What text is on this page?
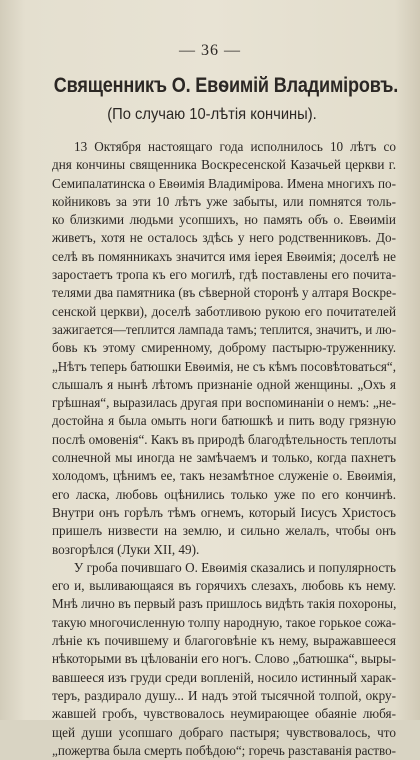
— 36 —
Священникъ О. Евѳимій Владиміровъ.
(По случаю 10-лѣтія кончины).
13 Октября настоящаго года исполнилось 10 лѣтъ со
дня кончины священника Воскресенской Казачьей церкви г.
Семипалатинска о Евѳимія Владимірова. Имена многихъ по-
койниковъ за эти 10 лѣтъ уже забыты, или помнятся толь-
ко близкими людьми усопшихъ, но память объ о. Евѳиміи
живетъ, хотя не осталось здѣсь у него родственниковъ. До-
селѣ въ помянникахъ значится имя iерея Евѳимія; доселѣ не
заростаетъ тропа къ его могилѣ, гдѣ поставлены его почита-
телями два памятника (въ сѣверной сторонѣ у алтаря Воскре-
сенской церкви), доселѣ заботливою рукою его почитателей
зажигается—теплится лампада тамъ; теплится, значитъ, и лю-
бовь къ этому смиренному, доброму пастырю-труженнику.
„Нѣтъ теперь батюшки Евѳимія, не съ кѣмъ посовѣтоваться“,
слышалъ я нынѣ лѣтомъ признаніе одной женщины. „Охъ я
грѣшная“, выразилась другая при воспоминаніи о немъ: „не-
достойна я была омыть ноги батюшкѣ и пить воду грязную
послѣ омовенія“. Какъ въ природѣ благодѣтельность теплоты
солнечной мы иногда не замѣчаемъ и только, когда пахнетъ
холодомъ, цѣнимъ ее, такъ незамѣтное служеніе о. Евѳимія,
его ласка, любовь оцѣнились только уже по его кончинѣ.
Внутри онъ горѣлъ тѣмъ огнемъ, который Іисусъ Христосъ
пришелъ низвести на землю, и сильно желалъ, чтобы онъ
возгорѣлся (Луки XII, 49).
У гроба почившаго О. Евѳимія сказались и популярность
его и, выливающаяся въ горячихъ слезахъ, любовь къ нему.
Мнѣ лично въ первый разъ пришлось видѣть такія похороны,
такую многочисленную толпу народную, такое горькое сожа-
лѣніе къ почившему и благоговѣніе къ нему, выражавшееся
нѣкоторыми въ цѣлованіи его ногъ. Слово „батюшка“, выры-
вавшееся изъ груди среди вопленій, носило истинный харак-
теръ, раздирало душу... И надъ этой тысячной толпой, окру-
жавшей гробъ, чувствовалось неумирающее обаяніе любя-
щей души усопшаго добраго пастыря; чувствовалось, что
„пожертва была смерть побѣдою“; горечь разставанія раство-
